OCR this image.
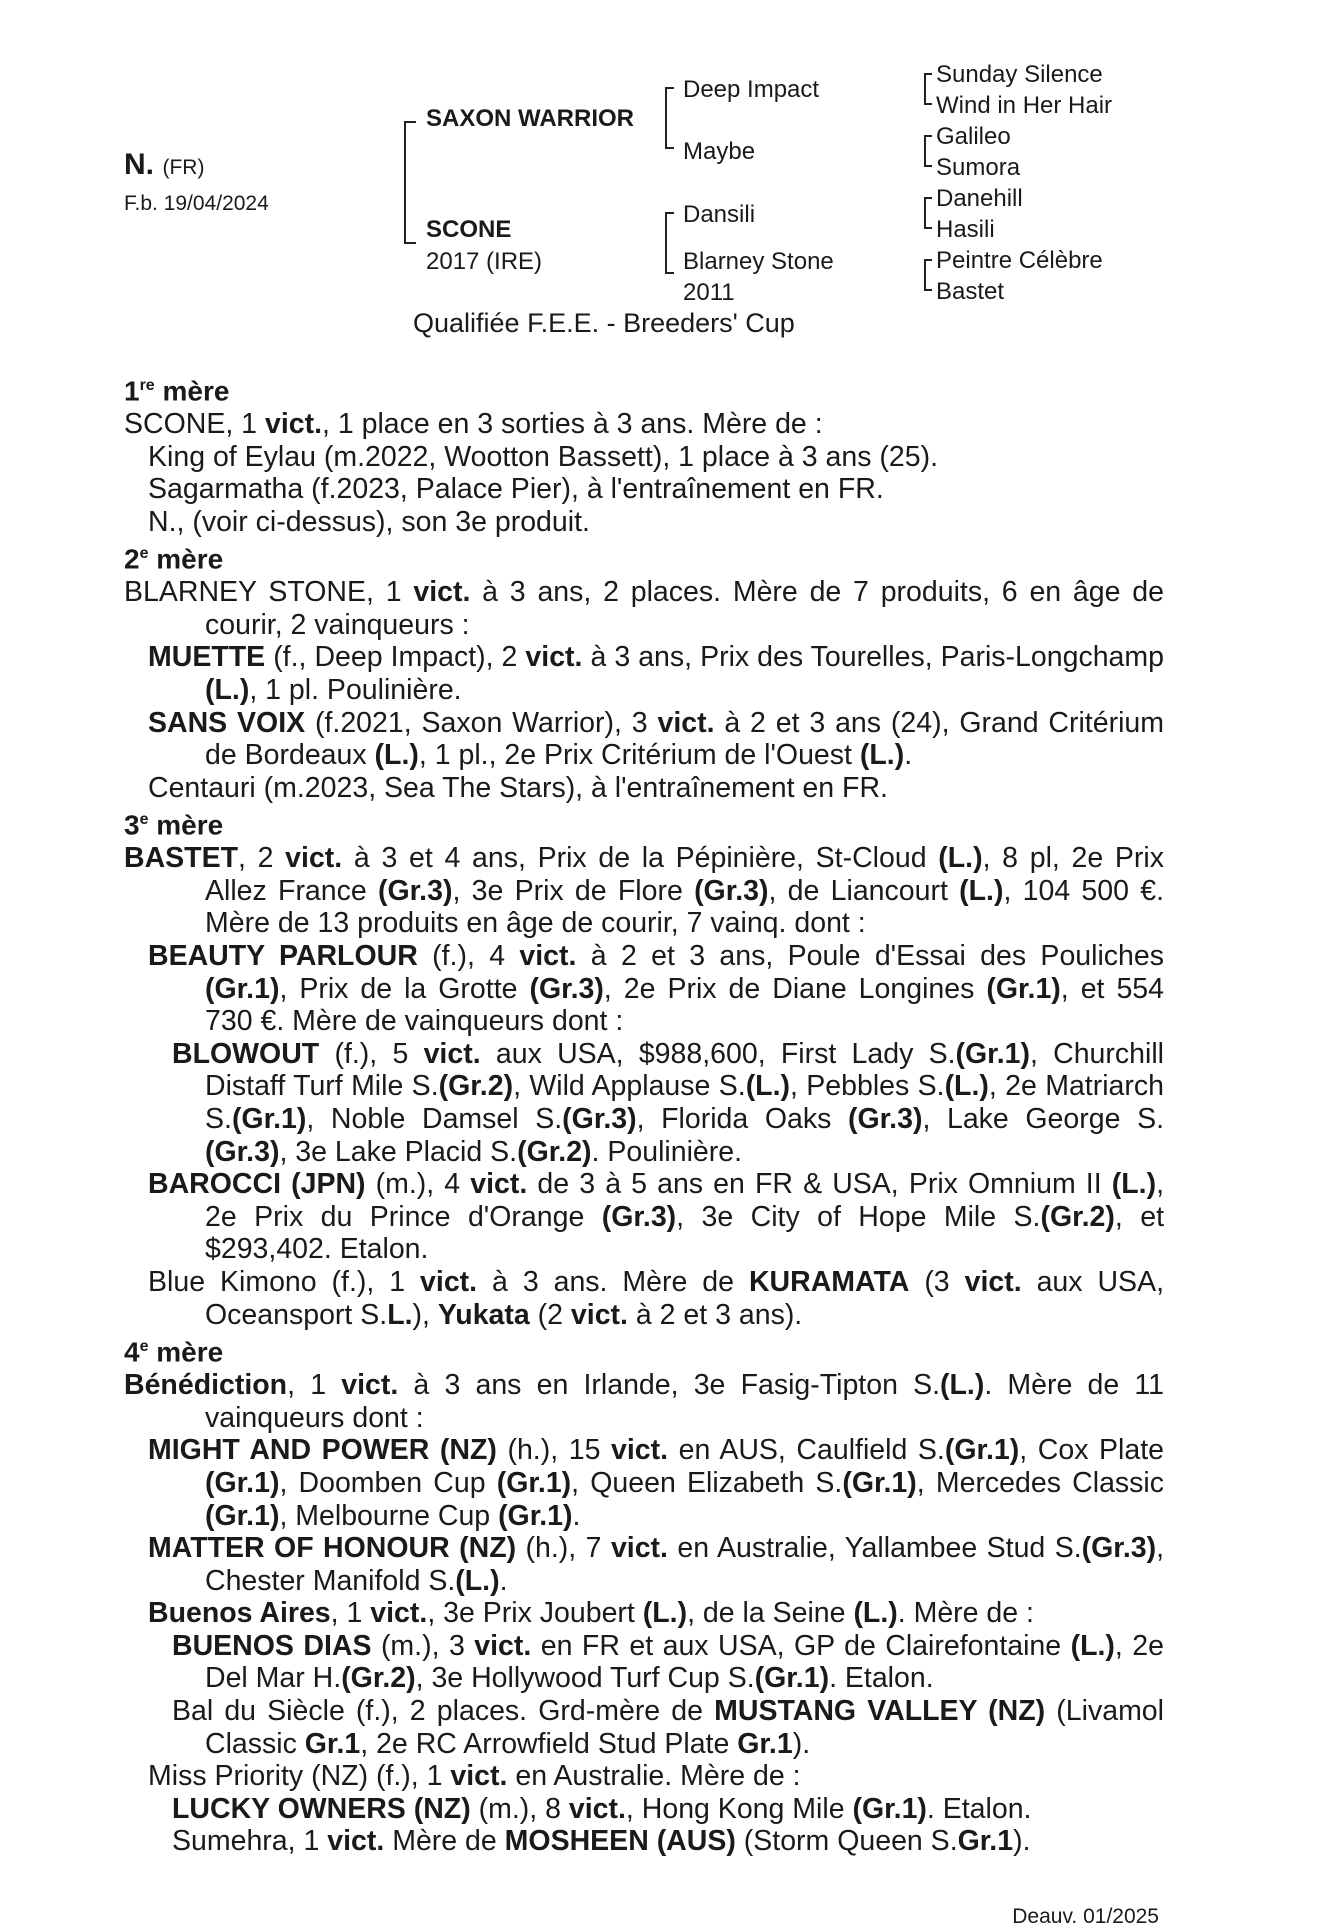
N. (FR)
F.b. 19/04/2024
SAXON WARRIOR
SCONE
2017 (IRE)
Deep Impact
Maybe
Dansili
Blarney Stone
2011
Sunday Silence
Wind in Her Hair
Galileo
Sumora
Danehill
Hasili
Peintre Célèbre
Bastet
Qualifiée F.E.E. - Breeders' Cup

1re mère

SCONE, 1 vict., 1 place en 3 sorties à 3 ans. Mère de :

King of Eylau (m.2022, Wootton Bassett), 1 place à 3 ans (25).

Sagarmatha (f.2023, Palace Pier), à l'entraînement en FR.

N., (voir ci-dessus), son 3e produit.

2e mère

BLARNEY STONE, 1 vict. à 3 ans, 2 places. Mère de 7 produits, 6 en âge de courir, 2 vainqueurs :

MUETTE (f., Deep Impact), 2 vict. à 3 ans, Prix des Tourelles, Paris-Longchamp (L.), 1 pl. Poulinière.

SANS VOIX (f.2021, Saxon Warrior), 3 vict. à 2 et 3 ans (24), Grand Critérium de Bordeaux (L.), 1 pl., 2e Prix Critérium de l'Ouest (L.).

Centauri (m.2023, Sea The Stars), à l'entraînement en FR.

3e mère

BASTET, 2 vict. à 3 et 4 ans, Prix de la Pépinière, St-Cloud (L.), 8 pl, 2e Prix Allez France (Gr.3), 3e Prix de Flore (Gr.3), de Liancourt (L.), 104 500 €. Mère de 13 produits en âge de courir, 7 vainq. dont :

BEAUTY PARLOUR (f.), 4 vict. à 2 et 3 ans, Poule d'Essai des Pouliches (Gr.1), Prix de la Grotte (Gr.3), 2e Prix de Diane Longines (Gr.1), et 554 730 €. Mère de vainqueurs dont :

BLOWOUT (f.), 5 vict. aux USA, $988,600, First Lady S.(Gr.1), Churchill Distaff Turf Mile S.(Gr.2), Wild Applause S.(L.), Pebbles S.(L.), 2e Matriarch S.(Gr.1), Noble Damsel S.(Gr.3), Florida Oaks (Gr.3), Lake George S.(Gr.3), 3e Lake Placid S.(Gr.2). Poulinière.

BAROCCI (JPN) (m.), 4 vict. de 3 à 5 ans en FR & USA, Prix Omnium II (L.), 2e Prix du Prince d'Orange (Gr.3), 3e City of Hope Mile S.(Gr.2), et $293,402. Etalon.

Blue Kimono (f.), 1 vict. à 3 ans. Mère de KURAMATA (3 vict. aux USA, Oceansport S.L.), Yukata (2 vict. à 2 et 3 ans).

4e mère

Bénédiction, 1 vict. à 3 ans en Irlande, 3e Fasig-Tipton S.(L.). Mère de 11 vainqueurs dont :

MIGHT AND POWER (NZ) (h.), 15 vict. en AUS, Caulfield S.(Gr.1), Cox Plate (Gr.1), Doomben Cup (Gr.1), Queen Elizabeth S.(Gr.1), Mercedes Classic (Gr.1), Melbourne Cup (Gr.1).

MATTER OF HONOUR (NZ) (h.), 7 vict. en Australie, Yallambee Stud S.(Gr.3), Chester Manifold S.(L.).

Buenos Aires, 1 vict., 3e Prix Joubert (L.), de la Seine (L.). Mère de :

BUENOS DIAS (m.), 3 vict. en FR et aux USA, GP de Clairefontaine (L.), 2e Del Mar H.(Gr.2), 3e Hollywood Turf Cup S.(Gr.1). Etalon.

Bal du Siècle (f.), 2 places. Grd-mère de MUSTANG VALLEY (NZ) (Livamol Classic Gr.1, 2e RC Arrowfield Stud Plate Gr.1).

Miss Priority (NZ) (f.), 1 vict. en Australie. Mère de :

LUCKY OWNERS (NZ) (m.), 8 vict., Hong Kong Mile (Gr.1). Etalon.

Sumehra, 1 vict. Mère de MOSHEEN (AUS) (Storm Queen S.Gr.1).

Deauv. 01/2025
